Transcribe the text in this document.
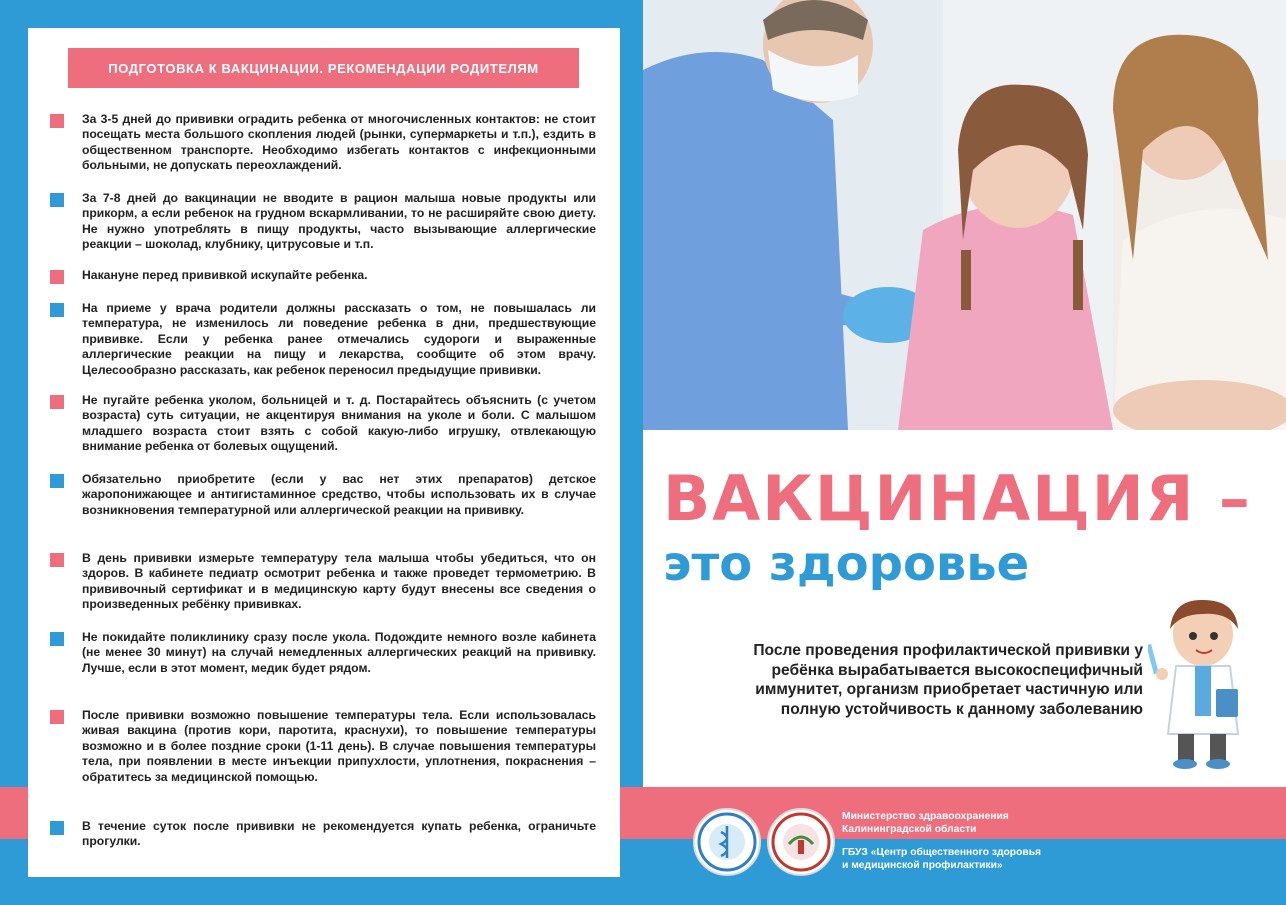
ПОДГОТОВКА К ВАКЦИНАЦИИ. РЕКОМЕНДАЦИИ РОДИТЕЛЯМ
За 3-5 дней до прививки оградить ребенка от многочисленных контактов: не стоит посещать места большого скопления людей (рынки, супермаркеты и т.п.), ездить в общественном транспорте. Необходимо избегать контактов с инфекционными больными, не допускать переохлаждений.
За 7-8 дней до вакцинации не вводите в рацион малыша новые продукты или прикорм, а если ребенок на грудном вскармливании, то не расширяйте свою диету. Не нужно употреблять в пищу продукты, часто вызывающие аллергические реакции – шоколад, клубнику, цитрусовые и т.п.
Накануне перед прививкой искупайте ребенка.
На приеме у врача родители должны рассказать о том, не повышалась ли температура, не изменилось ли поведение ребенка в дни, предшествующие прививке. Если у ребенка ранее отмечались судороги и выраженные аллергические реакции на пищу и лекарства, сообщите об этом врачу. Целесообразно рассказать, как ребенок переносил предыдущие прививки.
Не пугайте ребенка уколом, больницей и т. д. Постарайтесь объяснить (с учетом возраста) суть ситуации, не акцентируя внимания на уколе и боли. С малышом младшего возраста стоит взять с собой какую-либо игрушку, отвлекающую внимание ребенка от болевых ощущений.
Обязательно приобретите (если у вас нет этих препаратов) детское жаропонижающее и антигистаминное средство, чтобы использовать их в случае возникновения температурной или аллергической реакции на прививку.
В день прививки измерьте температуру тела малыша чтобы убедиться, что он здоров. В кабинете педиатр осмотрит ребенка и также проведет термометрию. В прививочный сертификат и в медицинскую карту будут внесены все сведения о произведенных ребёнку прививках.
Не покидайте поликлинику сразу после укола. Подождите немного возле кабинета (не менее 30 минут) на случай немедленных аллергических реакций на прививку. Лучше, если в этот момент, медик будет рядом.
После прививки возможно повышение температуры тела. Если использовалась живая вакцина (против кори, паротита, краснухи), то повышение температуры возможно и в более поздние сроки (1-11 день). В случае повышения температуры тела, при появлении в месте инъекции припухлости, уплотнения, покраснения – обратитесь за медицинской помощью.
В течение суток после прививки не рекомендуется купать ребенка, ограничьте прогулки.
ВАКЦИНАЦИЯ –
это здоровье
После проведения профилактической прививки у ребёнка вырабатывается высокоспецифичный иммунитет, организм приобретает частичную или полную устойчивость к данному заболеванию
Министерство здравоохранения Калининградской области
ГБУЗ «Центр общественного здоровья и медицинской профилактики»
